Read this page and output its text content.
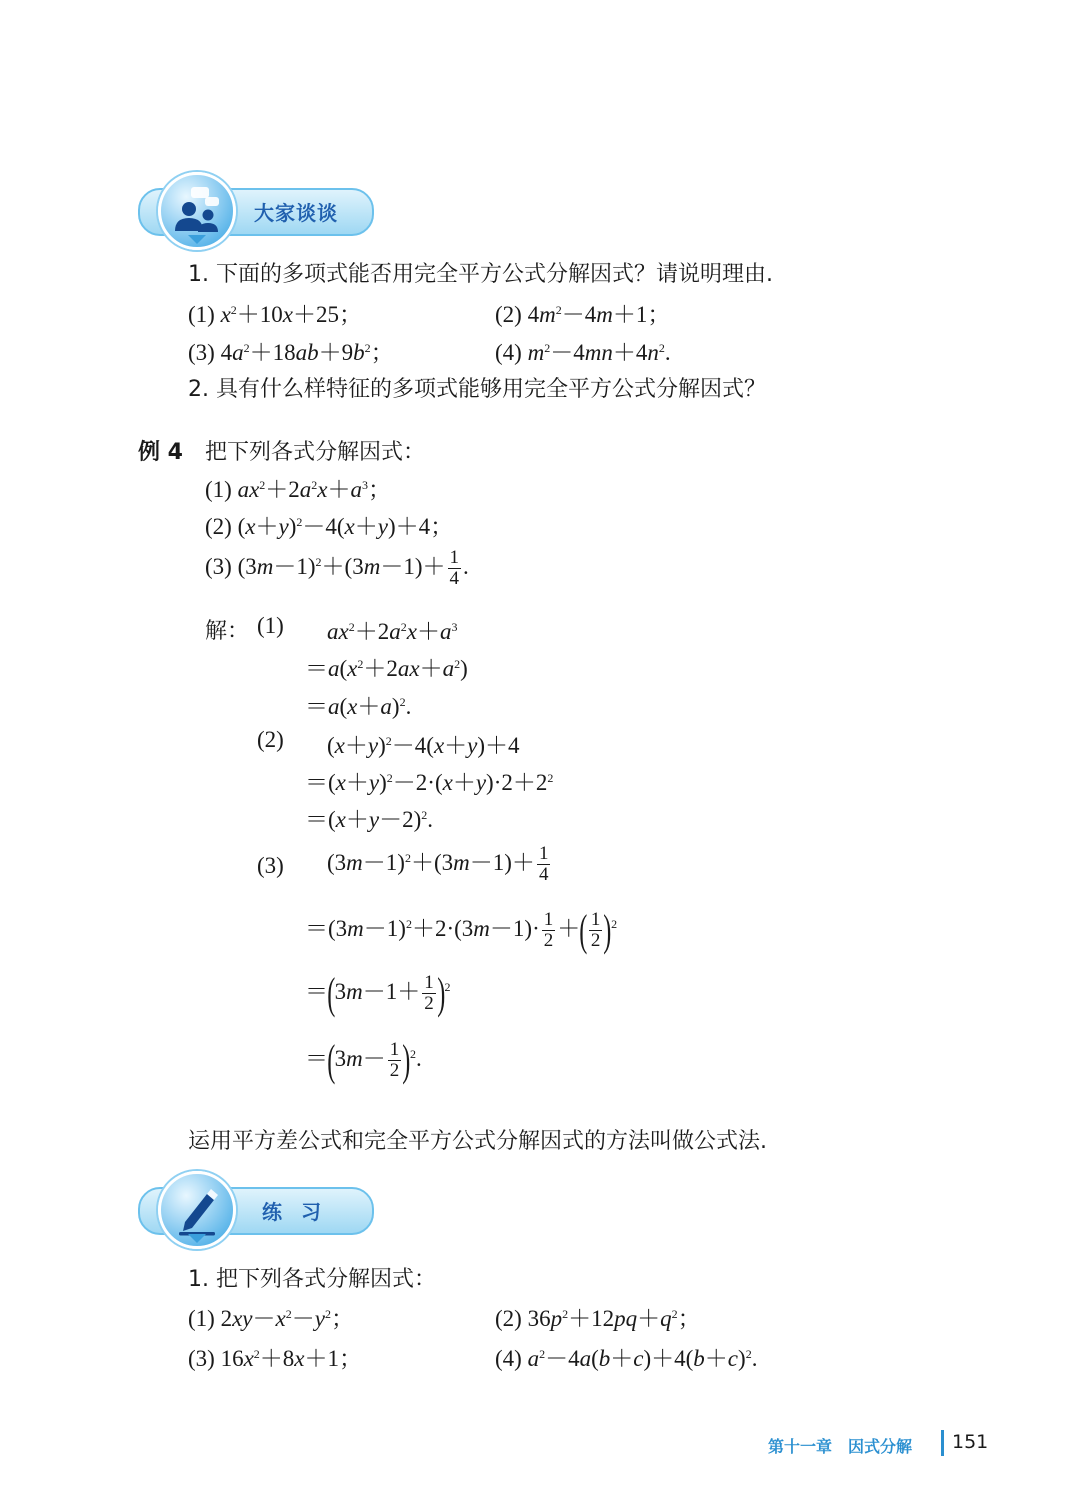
大家谈谈
1. 下面的多项式能否用完全平方公式分解因式？请说明理由.
(1) $x^2+10x+25$；	(2) $4m^2-4m+1$；
(3) $4a^2+18ab+9b^2$；	(4) $m^2-4mn+4n^2$.
2. 具有什么样特征的多项式能够用完全平方公式分解因式？
例 4 把下列各式分解因式：
(1) $ax^2+2a^2x+a^3$；
(2) $(x+y)^2-4(x+y)+4$；
(3) $(3m-1)^2+(3m-1)+ \frac{1}{4}$ .
解： (1) $ax^2+2a^2x+a^3$
$=a(x^2+2ax+a^2)$
$=a(x+a)^2$.
(2) $(x+y)^2-4(x+y)+4$
$=(x+y)^2-2\cdot(x+y)\cdot 2+2^2$
$=(x+y-2)^2$.
(3) $(3m-1)^2+(3m-1)+ \frac{1}{4}$
$=(3m-1)^2+2\cdot(3m-1)\cdot \frac{1}{2}$ ＋( $\frac{1}{2} )^2$
$=(3m-1+ \frac{1}{2} )^2$
$=(3m- \frac{1}{2} )^2$.
运用平方差公式和完全平方公式分解因式的方法叫做公式法.
练 习
1. 把下列各式分解因式：
(1) $2xy-x^2-y^2$；	(2) $36p^2+12pq+q^2$；
(3) $16x^2+8x+1$；	(4) $a^2-4a(b+c)+4(b+c)^2$.
第十一章　因式分解 151
